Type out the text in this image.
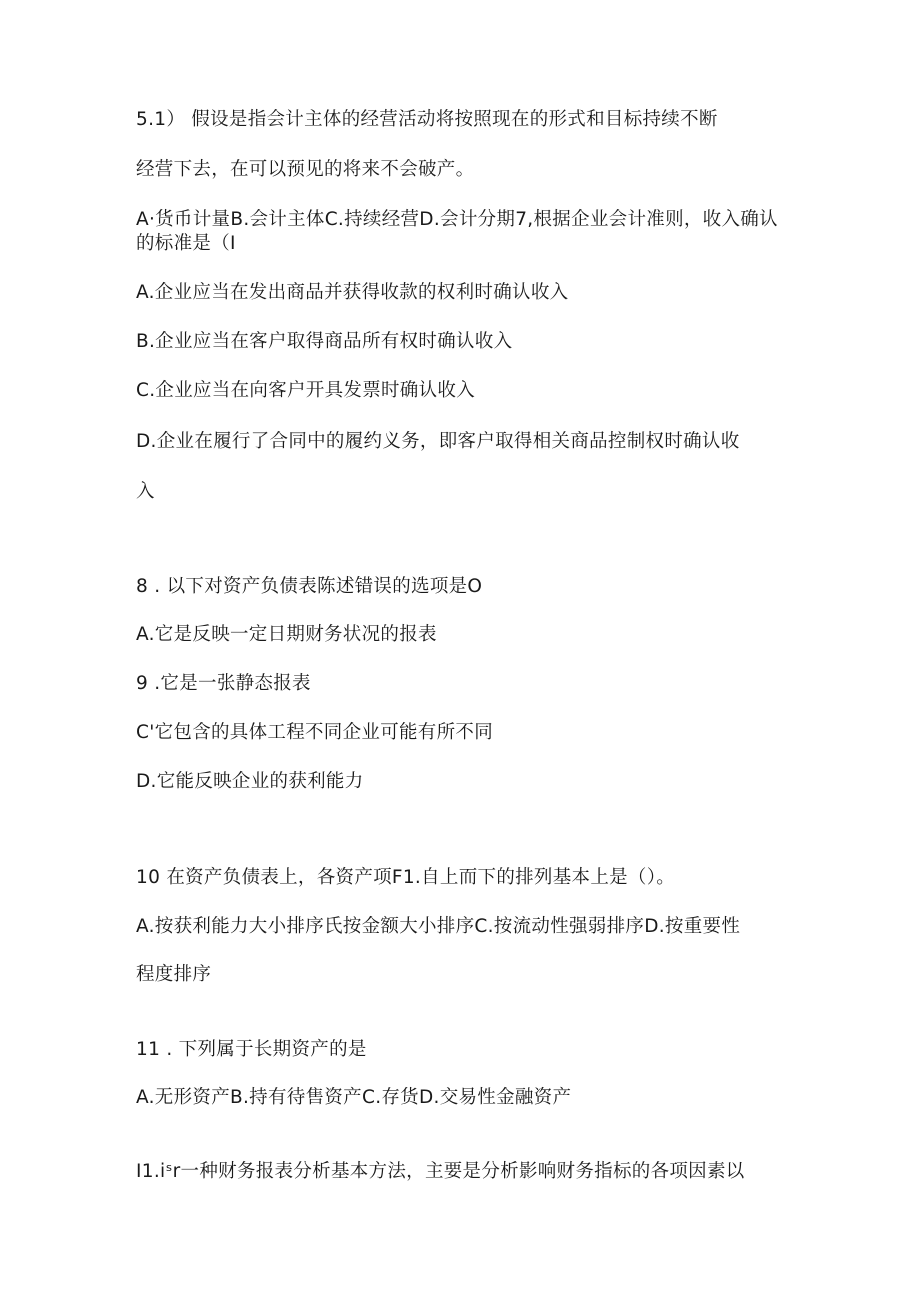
5.1） 假设是指会计主体的经营活动将按照现在的形式和目标持续不断
经营下去，在可以预见的将来不会破产。
A·货币计量B.会计主体C.持续经营D.会计分期7,根据企业会计准则，收入确认的标准是（I
A.企业应当在发出商品并获得收款的权利时确认收入
B.企业应当在客户取得商品所有权时确认收入
C.企业应当在向客户开具发票时确认收入
D.企业在履行了合同中的履约义务，即客户取得相关商品控制权时确认收
入
8 . 以下对资产负债表陈述错误的选项是O
A.它是反映一定日期财务状况的报表
9 .它是一张静态报表
C'它包含的具体工程不同企业可能有所不同
D.它能反映企业的获利能力
10 在资产负债表上，各资产项F1.自上而下的排列基本上是（）。
A.按获利能力大小排序氏按金额大小排序C.按流动性强弱排序D.按重要性
程度排序
11 . 下列属于长期资产的是
A.无形资产B.持有待售资产C.存货D.交易性金融资产
I1.iˢr一种财务报表分析基本方法，主要是分析影响财务指标的各项因素以
